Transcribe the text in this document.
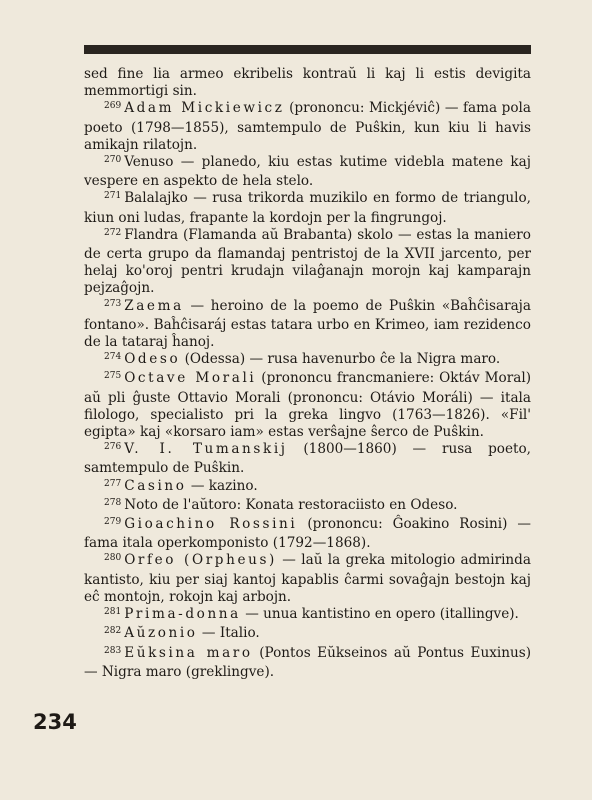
sed fine lia armeo ekribelis kontraŭ li kaj li estis devigita memmortigi sin.

$^{269}$ Adam Mickiewicz (prononcu: Mickjéviĉ) — fama pola poeto (1798—1855), samtempulo de Puŝkin, kun kiu li havis amikajn rilatojn.

$^{270}$ Venuso — planedo, kiu estas kutime videbla matene kaj vespere en aspekto de hela stelo.

$^{271}$ Balalajko — rusa trikorda muzikilo en formo de triangulo, kiun oni ludas, frapante la kordojn per la fingrungoj.

$^{272}$ Flandra (Flamanda aŭ Brabanta) skolo — estas la maniero de certa grupo da flamandaj pentristoj de la XVII jarcento, per helaj ko'oroj pentri krudajn vilaĝanajn morojn kaj kamparajn pejzaĝojn.

$^{273}$ Zaema — heroino de la poemo de Puŝkin «Baĥĉisaraja fontano». Baĥĉisaráj estas tatara urbo en Krimeo, iam rezidenco de la tataraj ĥanoj.

$^{274}$ Odeso (Odessa) — rusa havenurbo ĉe la Nigra maro.

$^{275}$ Octave Morali (prononcu francmaniere: Oktáv Moral) aŭ pli ĝuste Ottavio Morali (prononcu: Otávio Moráli) — itala filologo, specialisto pri la greka lingvo (1763—1826). «Fil' egipta» kaj «korsaro iam» estas verŝajne ŝerco de Puŝkin.

$^{276}$ V. I. Tumanskij (1800—1860) — rusa poeto, samtempulo de Puŝkin.

$^{277}$ Casino — kazino.

$^{278}$ Noto de l'aŭtoro: Konata restoraciisto en Odeso.

$^{279}$ Gioachino Rossini (prononcu: Ĝoakino Rosini) — fama itala operkomponisto (1792—1868).

$^{280}$ Orfeo (Orpheus) — laŭ la greka mitologio admirinda kantisto, kiu per siaj kantoj kapablis ĉarmi sovaĝajn bestojn kaj eĉ montojn, rokojn kaj arbojn.

$^{281}$ Prima-donna — unua kantistino en opero (itallingve).

$^{282}$ Aŭzonio — Italio.

$^{283}$ Eŭksina maro (Pontos Eŭkseinos aŭ Pontus Euxinus) — Nigra maro (greklingve).

234
